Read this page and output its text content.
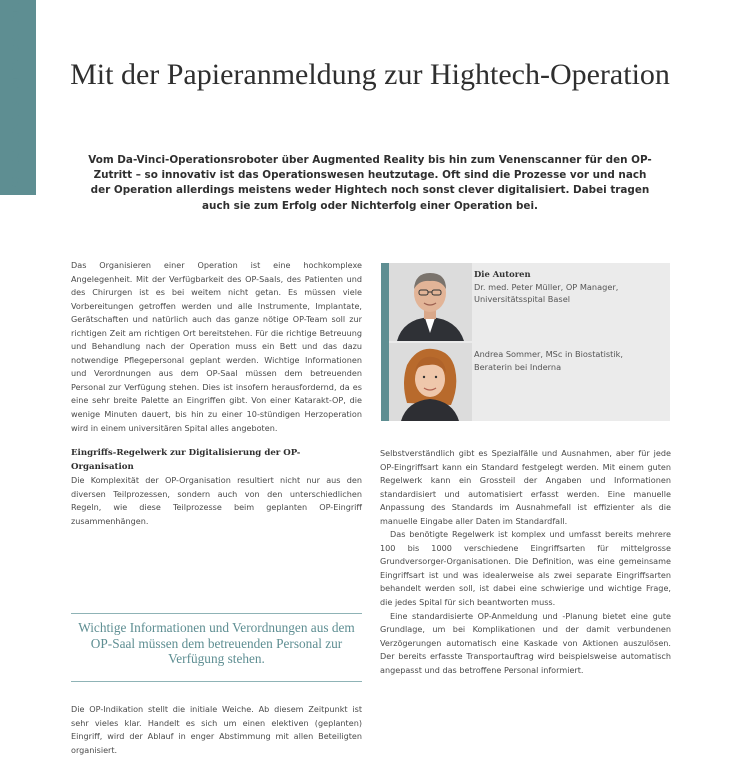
FORSCHUNG & ENTWICKLUNG	Mit der Papieranmeldung zur Hightech-Operation

Vom Da-Vinci-Operationsroboter über Augmented Reality bis hin zum Venenscanner für den OP-Zutritt – so innovativ ist das Operationswesen heutzutage. Oft sind die Prozesse vor und nach der Operation allerdings meistens weder Hightech noch sonst clever digitalisiert. Dabei tragen auch sie zum Erfolg oder Nichterfolg einer Operation bei.

Das Organisieren einer Operation ist eine hochkomplexe Angelegenheit. Mit der Verfügbarkeit des OP-Saals, des Patienten und des Chirurgen ist es bei weitem nicht getan. Es müssen viele Vorbereitungen getroffen werden und alle Instrumente, Implantate, Gerätschaften und natürlich auch das ganze nötige OP-Team soll zur richtigen Zeit am richtigen Ort bereitstehen. Für die richtige Betreuung und Behandlung nach der Operation muss ein Bett und das dazu notwendige Pflegepersonal geplant werden. Wichtige Informationen und Verordnungen aus dem OP-Saal müssen dem betreuenden Personal zur Verfügung stehen. Dies ist insofern herausfordernd, da es eine sehr breite Palette an Eingriffen gibt. Von einer Katarakt-OP, die wenige Minuten dauert, bis hin zu einer 10-stündigen Herzoperation wird in einem universitären Spital alles angeboten.

Eingriffs-Regelwerk zur Digitalisierung der OP-Organisation

Die Komplexität der OP-Organisation resultiert nicht nur aus den diversen Teilprozessen, sondern auch von den unterschiedlichen Regeln, wie diese Teilprozesse beim geplanten OP-Eingriff zusammenhängen.

Wichtige Informationen und Verordnungen aus dem OP-Saal müssen dem betreuenden Personal zur Verfügung stehen.

Die OP-Indikation stellt die initiale Weiche. Ab diesem Zeitpunkt ist sehr vieles klar. Handelt es sich um einen elektiven (geplanten) Eingriff, wird der Ablauf in enger Abstimmung mit allen Beteiligten organisiert.

Die Autoren
Dr. med. Peter Müller, OP Manager, Universitätsspital Basel
Andrea Sommer, MSc in Biostatistik, Beraterin bei Inderna

Selbstverständlich gibt es Spezialfälle und Ausnahmen, aber für jede OP-Eingriffsart kann ein Standard festgelegt werden. Mit einem guten Regelwerk kann ein Grossteil der Angaben und Informationen standardisiert und automatisiert erfasst werden. Eine manuelle Anpassung des Standards im Ausnahmefall ist effizienter als die manuelle Eingabe aller Daten im Standardfall.

Das benötigte Regelwerk ist komplex und umfasst bereits mehrere 100 bis 1000 verschiedene Eingriffsarten für mittelgrosse Grundversorger-Organisationen. Die Definition, was eine gemeinsame Eingriffsart ist und was idealerweise als zwei separate Eingriffsarten behandelt werden soll, ist dabei eine schwierige und wichtige Frage, die jedes Spital für sich beantworten muss.

Eine standardisierte OP-Anmeldung und -Planung bietet eine gute Grundlage, um bei Komplikationen und der damit verbundenen Verzögerungen automatisch eine Kaskade von Aktionen auszulösen. Der bereits erfasste Transportauftrag wird beispielsweise automatisch angepasst und das betroffene Personal informiert.
